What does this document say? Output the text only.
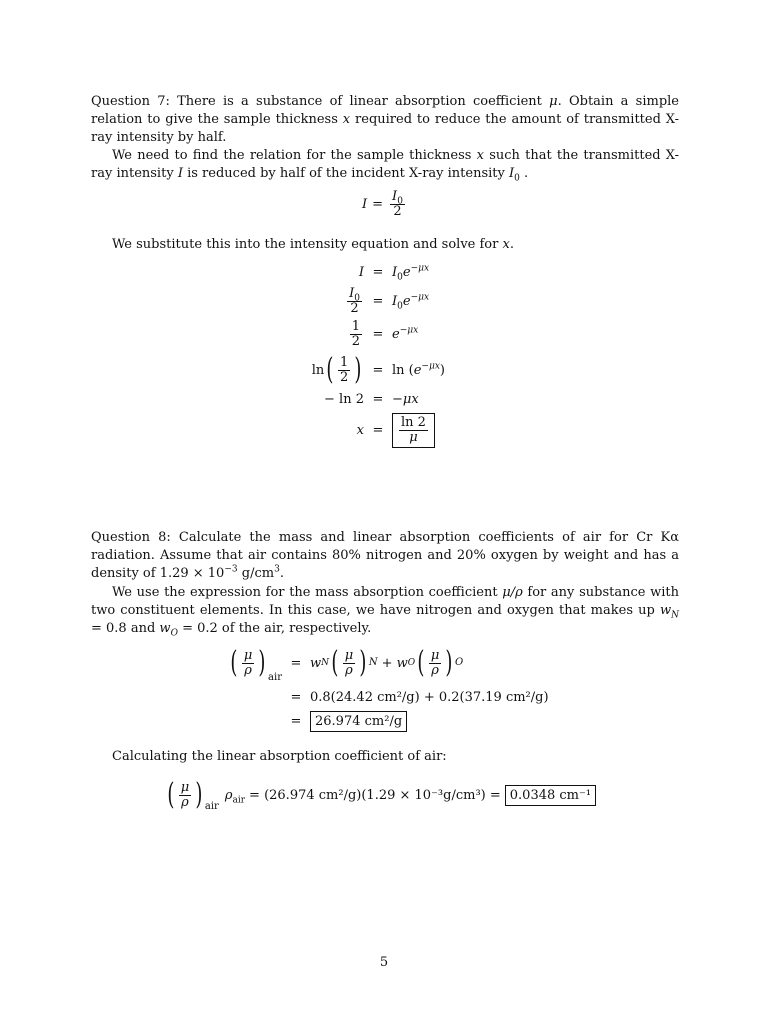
Question 7: There is a substance of linear absorption coefficient μ. Obtain a simple relation to give the sample thickness x required to reduce the amount of transmitted X-ray intensity by half.

We need to find the relation for the sample thickness x such that the transmitted X-ray intensity I is reduced by half of the incident X-ray intensity $I_0$ .

$I = \frac{I_0}{2}$

We substitute this into the intensity equation and solve for x.

$I = I_0e^{-\mu x}$
$\frac{I_0}{2} = I_0e^{-\mu x}$
$\frac{1}{2} = e^{-\mu x}$
ln ( $\frac{1}{2}$ ) = $\ln (e^{-\mu x})$
− ln 2 = −μx
x =	$\frac{\ln 2}{\mu}$

Question 8: Calculate the mass and linear absorption coefficients of air for Cr Kα radiation. Assume that air contains 80% nitrogen and 20% oxygen by weight and has a density of $1.29 \times 10^{-3}$ $g/cm^3$.

We use the expression for the mass absorption coefficient μ/ρ for any substance with two constituent elements. In this case, we have nitrogen and oxygen that makes up $w_N = 0.8$ and $w_O = 0.2$ of the air, respectively.

( $\frac{\mu}{\rho}$ ) air
= w N ( $\frac{\mu}{\rho}$ ) N + w O ( $\frac{\mu}{\rho}$ ) O
= 0.8(24.42 cm²/g) + 0.2(37.19 cm²/g)
=	26.974 cm²/g

Calculating the linear absorption coefficient of air:

( $\frac{\mu}{\rho}$ ) air
$\rho_{air} = (26.974$ cm²/g)(1.29 × 10⁻³g/cm³) = 0.0348 cm⁻¹
5
